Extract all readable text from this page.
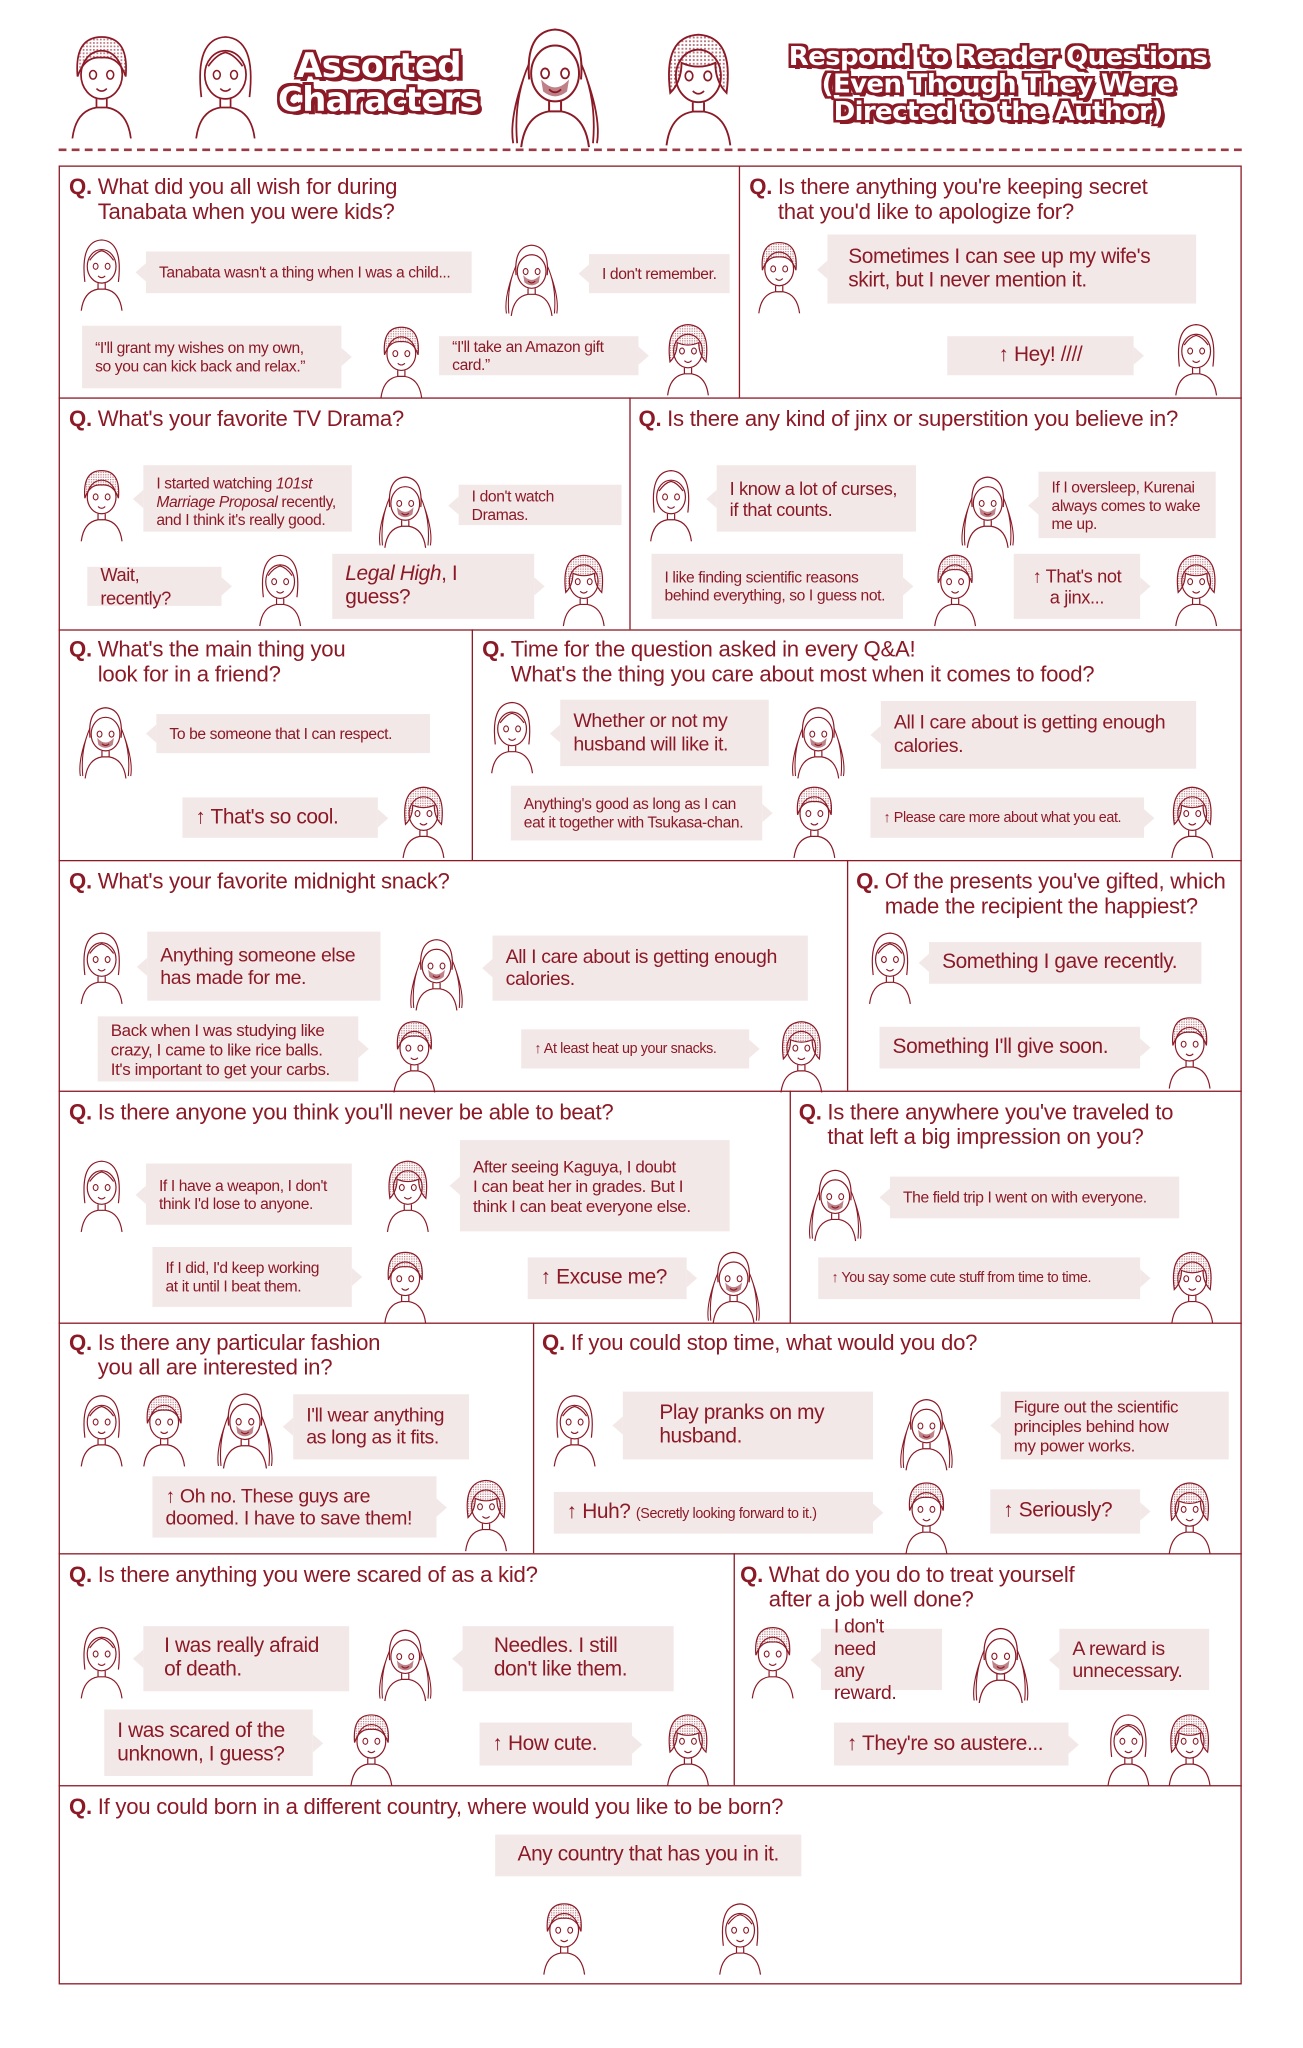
Assorted
Characters
Respond to Reader Questions
(Even Though They Were
Directed to the Author)
Q. What did you all wish for during
Tanabata when you were kids?
Tanabata wasn't a thing when I was a child...	I don't remember.
“I'll grant my wishes on my own,
so you can kick back and relax.”
“I'll take an Amazon gift card.”
Q. Is there anything you're keeping secret
that you'd like to apologize for?
Sometimes I can see up my wife's
skirt, but I never mention it.
↑ Hey! ////
Q. What's your favorite TV Drama?
I started watching 101st
Marriage Proposal recently,
and I think it's really good.
I don't watch Dramas.
Wait, recently?
Legal High, I guess?
Q. Is there any kind of jinx or superstition you believe in?
I know a lot of curses,
if that counts.
If I oversleep, Kurenai
always comes to wake
me up.
I like finding scientific reasons
behind everything, so I guess not.
↑ That's not
a jinx...
Q. What's the main thing you
look for in a friend?
To be someone that I can respect.
↑ That's so cool.
Q. Time for the question asked in every Q&A!
What's the thing you care about most when it comes to food?
Whether or not my
husband will like it.
All I care about is getting enough
calories.
Anything's good as long as I can
eat it together with Tsukasa-chan.	↑ Please care more about what you eat.
Q. What's your favorite midnight snack?
Anything someone else
has made for me.
All I care about is getting enough
calories.
Back when I was studying like
crazy, I came to like rice balls.
It's important to get your carbs.
↑ At least heat up your snacks.
Q. Of the presents you've gifted, which
made the recipient the happiest?
Something I gave recently.
Something I'll give soon.
Q. Is there anyone you think you'll never be able to beat?
If I have a weapon, I don't
think I'd lose to anyone.
After seeing Kaguya, I doubt
I can beat her in grades. But I
think I can beat everyone else.
If I did, I'd keep working
at it until I beat them.	↑ Excuse me?
Q. Is there anywhere you've traveled to
that left a big impression on you?
The field trip I went on with everyone.
↑ You say some cute stuff from time to time.
Q. Is there any particular fashion
you all are interested in?
I'll wear anything
as long as it fits.
↑ Oh no. These guys are
doomed. I have to save them!
Q. If you could stop time, what would you do?
Play pranks on my
husband.
Figure out the scientific
principles behind how
my power works.
↑ Huh? (Secretly looking forward to it.)	↑ Seriously?
Q. Is there anything you were scared of as a kid?
I was really afraid
of death.
Needles. I still
don't like them.
I was scared of the
unknown, I guess?	↑ How cute.
Q. What do you do to treat yourself
after a job well done?
I don't need
any reward.
A reward is
unnecessary.
↑ They're so austere...
Q. If you could born in a different country, where would you like to be born?
Any country that has you in it.
